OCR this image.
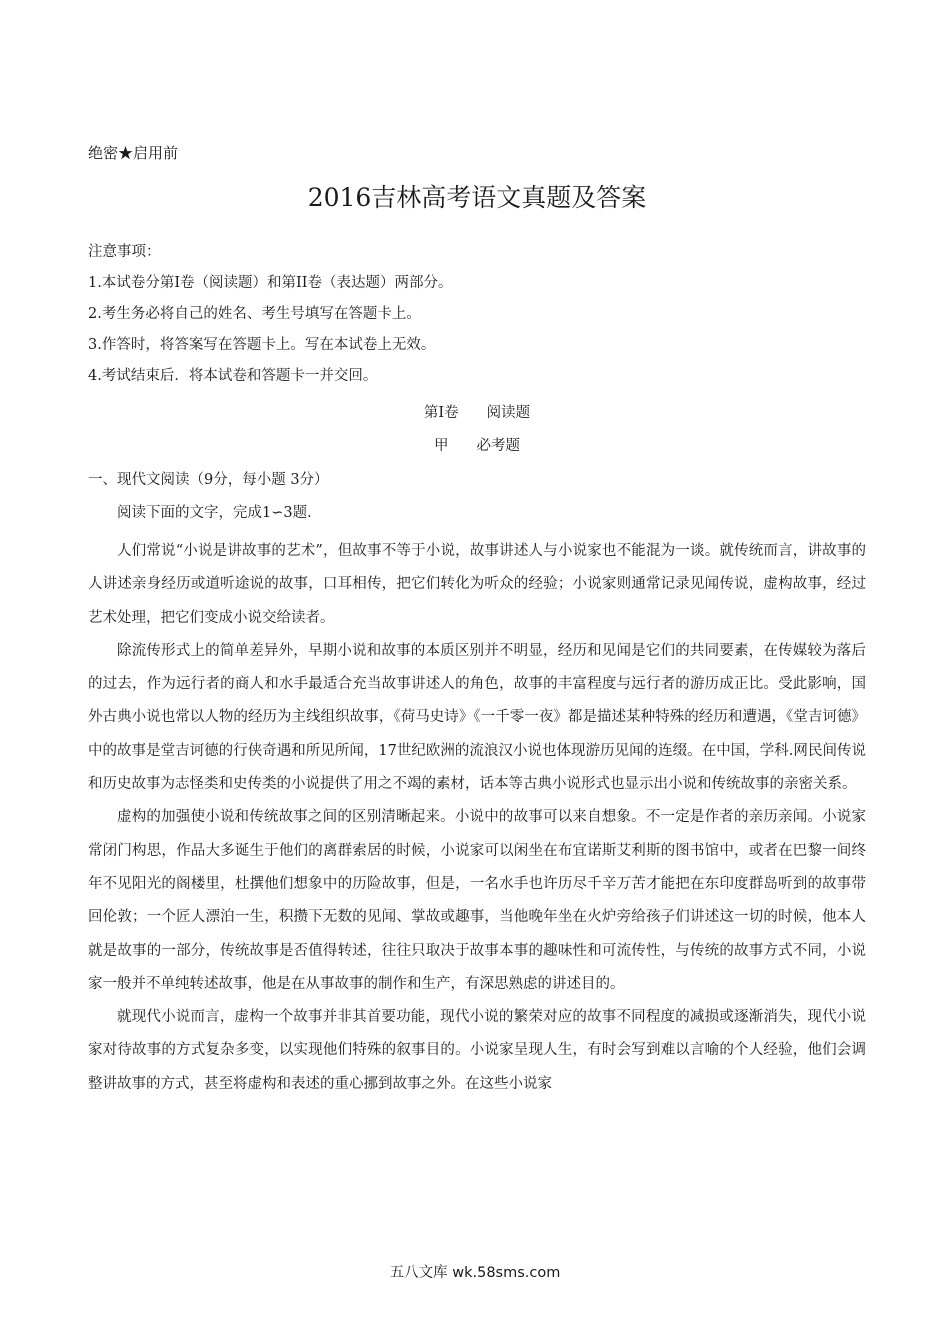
绝密★启用前
2016吉林高考语文真题及答案
注意事项：
1.本试卷分第Ⅰ卷（阅读题）和第II卷（表达题）两部分。
2.考生务必将自己的姓名、考生号填写在答题卡上。
3.作答时，将答案写在答题卡上。写在本试卷上无效。
4.考试结束后．将本试卷和答题卡一并交回。
第Ⅰ卷 阅读题
甲 必考题
一、现代文阅读（9分，每小题 3分）
阅读下面的文字，完成1∽3题．

人们常说“小说是讲故事的艺术”，但故事不等于小说，故事讲述人与小说家也不能混为一谈。就传统而言，讲故事的人讲述亲身经历或道听途说的故事，口耳相传，把它们转化为听众的经验；小说家则通常记录见闻传说，虚构故事，经过艺术处理，把它们变成小说交给读者。

除流传形式上的简单差异外，早期小说和故事的本质区别并不明显，经历和见闻是它们的共同要素，在传媒较为落后的过去，作为远行者的商人和水手最适合充当故事讲述人的角色，故事的丰富程度与远行者的游历成正比。受此影响，国外古典小说也常以人物的经历为主线组织故事，《荷马史诗》《一千零一夜》都是描述某种特殊的经历和遭遇，《堂吉诃德》中的故事是堂吉诃德的行侠奇遇和所见所闻，17世纪欧洲的流浪汉小说也体现游历见闻的连缀。在中国，学科.网民间传说和历史故事为志怪类和史传类的小说提供了用之不竭的素材，话本等古典小说形式也显示出小说和传统故事的亲密关系。

虚构的加强使小说和传统故事之间的区别清晰起来。小说中的故事可以来自想象。不一定是作者的亲历亲闻。小说家常闭门构思，作品大多诞生于他们的离群索居的时候，小说家可以闲坐在布宜诺斯艾利斯的图书馆中，或者在巴黎一间终年不见阳光的阁楼里，杜撰他们想象中的历险故事，但是，一名水手也许历尽千辛万苦才能把在东印度群岛听到的故事带回伦敦；一个匠人漂泊一生，积攒下无数的见闻、掌故或趣事，当他晚年坐在火炉旁给孩子们讲述这一切的时候，他本人就是故事的一部分，传统故事是否值得转述，往往只取决于故事本事的趣味性和可流传性，与传统的故事方式不同，小说家一般并不单纯转述故事，他是在从事故事的制作和生产，有深思熟虑的讲述目的。

就现代小说而言，虚构一个故事并非其首要功能，现代小说的繁荣对应的故事不同程度的减损或逐渐消失，现代小说家对待故事的方式复杂多变，以实现他们特殊的叙事目的。小说家呈现人生，有时会写到难以言喻的个人经验，他们会调整讲故事的方式，甚至将虚构和表述的重心挪到故事之外。在这些小说家

五八文库 wk.58sms.com
